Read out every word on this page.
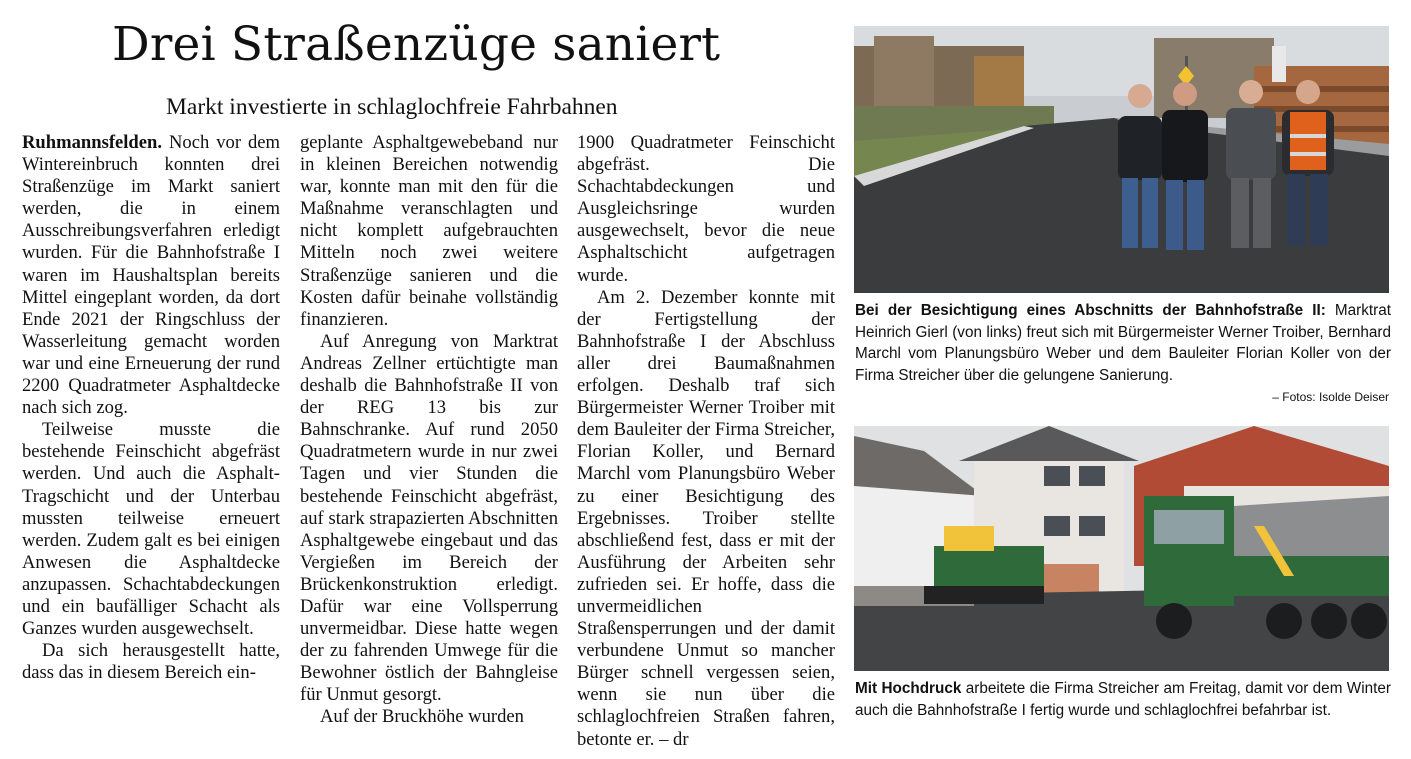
Drei Straßenzüge saniert
Markt investierte in schlaglochfreie Fahrbahnen

Ruhmannsfelden. Noch vor dem Wintereinbruch konnten drei Straßenzüge im Markt saniert werden, die in einem Ausschreibungsverfahren erledigt wurden. Für die Bahnhofstraße I waren im Haushaltsplan bereits Mittel eingeplant worden, da dort Ende 2021 der Ringschluss der Wasserleitung gemacht worden war und eine Erneuerung der rund 2200 Quadratmeter Asphaltdecke nach sich zog.

Teilweise musste die bestehende Feinschicht abgefräst werden. Und auch die Asphalt-Tragschicht und der Unterbau mussten teilweise erneuert werden. Zudem galt es bei einigen Anwesen die Asphaltdecke anzupassen. Schachtabdeckungen und ein baufälliger Schacht als Ganzes wurden ausgewechselt.

Da sich herausgestellt hatte, dass das in diesem Bereich ein-

geplante Asphaltgewebeband nur in kleinen Bereichen notwendig war, konnte man mit den für die Maßnahme veranschlagten und nicht komplett aufgebrauchten Mitteln noch zwei weitere Straßenzüge sanieren und die Kosten dafür beinahe vollständig finanzieren.

Auf Anregung von Marktrat Andreas Zellner ertüchtigte man deshalb die Bahnhofstraße II von der REG 13 bis zur Bahnschranke. Auf rund 2050 Quadratmetern wurde in nur zwei Tagen und vier Stunden die bestehende Feinschicht abgefräst, auf stark strapazierten Abschnitten Asphaltgewebe eingebaut und das Vergießen im Bereich der Brückenkonstruktion erledigt. Dafür war eine Vollsperrung unvermeidbar. Diese hatte wegen der zu fahrenden Umwege für die Bewohner östlich der Bahngleise für Unmut gesorgt.

Auf der Bruckhöhe wurden

1900 Quadratmeter Feinschicht abgefräst. Die Schachtabdeckungen und Ausgleichsringe wurden ausgewechselt, bevor die neue Asphaltschicht aufgetragen wurde.

Am 2. Dezember konnte mit der Fertigstellung der Bahnhofstraße I der Abschluss aller drei Baumaßnahmen erfolgen. Deshalb traf sich Bürgermeister Werner Troiber mit dem Bauleiter der Firma Streicher, Florian Koller, und Bernard Marchl vom Planungsbüro Weber zu einer Besichtigung des Ergebnisses. Troiber stellte abschließend fest, dass er mit der Ausführung der Arbeiten sehr zufrieden sei. Er hoffe, dass die unvermeidlichen Straßensperrungen und der damit verbundene Unmut so mancher Bürger schnell vergessen seien, wenn sie nun über die schlaglochfreien Straßen fahren, betonte er. – dr

Bei der Besichtigung eines Abschnitts der Bahnhofstraße II: Marktrat Heinrich Gierl (von links) freut sich mit Bürgermeister Werner Troiber, Bernhard Marchl vom Planungsbüro Weber und dem Bauleiter Florian Koller von der Firma Streicher über die gelungene Sanierung.
– Fotos: Isolde Deiser
Mit Hochdruck arbeitete die Firma Streicher am Freitag, damit vor dem Winter auch die Bahnhofstraße I fertig wurde und schlaglochfrei befahrbar ist.
